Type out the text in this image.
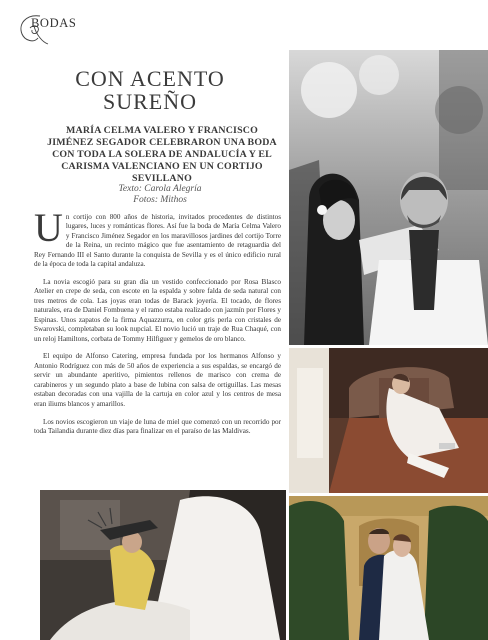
BODAS
CON ACENTO
SUREÑO

MARÍA CELMA VALERO Y FRANCISCO JIMÉNEZ SEGADOR CELEBRARON UNA BODA CON TODA LA SOLERA DE ANDALUCÍA Y EL CARISMA VALENCIANO EN UN CORTIJO SEVILLANO

Texto: Carola Alegría
Fotos: Mithos

Un cortijo con 800 años de historia, invitados procedentes de distintos lugares, luces y románticas flores. Así fue la boda de María Celma Valero y Francisco Jiménez Segador en los maravillosos jardines del cortijo Torre de la Reina, un recinto mágico que fue asentamiento de retaguardia del Rey Fernando III el Santo durante la conquista de Sevilla y es el único edificio rural de la época de toda la capital andaluza.

La novia escogió para su gran día un vestido confeccionado por Rosa Blasco Atelier en crepe de seda, con escote en la espalda y sobre falda de seda natural con tres metros de cola. Las joyas eran todas de Barack joyería. El tocado, de flores naturales, era de Daniel Fombuena y el ramo estaba realizado con jazmín por Flores y Espinas. Unos zapatos de la firma Aquazzurra, en color gris perla con cristales de Swarovski, completaban su look nupcial. El novio lució un traje de Rua Chaqué, con un reloj Hamiltons, corbata de Tommy Hilfiguer y gemelos de oro blanco.

El equipo de Alfonso Catering, empresa fundada por los hermanos Alfonso y Antonio Rodríguez con más de 50 años de experiencia a sus espaldas, se encargó de servir un abundante aperitivo, pimientos rellenos de marisco con crema de carabineros y un segundo plato a base de lubina con salsa de ortiguillas. Las mesas estaban decoradas con una vajilla de la cartuja en color azul y los centros de mesa eran iliums blancos y amarillos.

Los novios escogieron un viaje de luna de miel que comenzó con un recorrido por toda Tailandia durante diez días para finalizar en el paraíso de las Maldivas.
